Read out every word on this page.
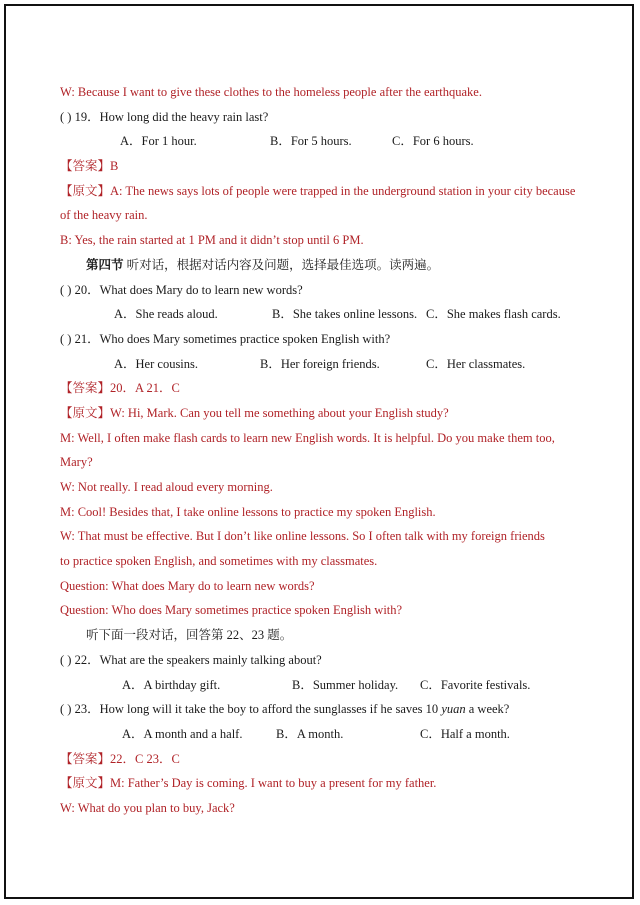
W: Because I want to give these clothes to the homeless people after the earthquake.
( ) 19．How long did the heavy rain last?
A．For 1 hour.	B．For 5 hours.	C．For 6 hours.
【答案】B
【原文】A: The news says lots of people were trapped in the underground station in your city because
of the heavy rain.
B: Yes, the rain started at 1 PM and it didn’t stop until 6 PM.
第四节 听对话，根据对话内容及问题，选择最佳选项。读两遍。
( ) 20．What does Mary do to learn new words?
A．She reads aloud.	B．She takes online lessons. C．She makes flash cards.
( ) 21．Who does Mary sometimes practice spoken English with?
A．Her cousins.	B．Her foreign friends.	C．Her classmates.
【答案】20．A 21．C
【原文】W: Hi, Mark. Can you tell me something about your English study?
M: Well, I often make flash cards to learn new English words. It is helpful. Do you make them too,
Mary?
W: Not really. I read aloud every morning.
M: Cool! Besides that, I take online lessons to practice my spoken English.
W: That must be effective. But I don’t like online lessons. So I often talk with my foreign friends
to practice spoken English, and sometimes with my classmates.
Question: What does Mary do to learn new words?
Question: Who does Mary sometimes practice spoken English with?
听下面一段对话，回答第 22、23 题。
( ) 22．What are the speakers mainly talking about?
A．A birthday gift.	B．Summer holiday. C．Favorite festivals.
( ) 23．How long will it take the boy to afford the sunglasses if he saves 10 yuan a week?
A．A month and a half.	B．A month.	C．Half a month.
【答案】22．C 23．C
【原文】M: Father’s Day is coming. I want to buy a present for my father.
W: What do you plan to buy, Jack?
